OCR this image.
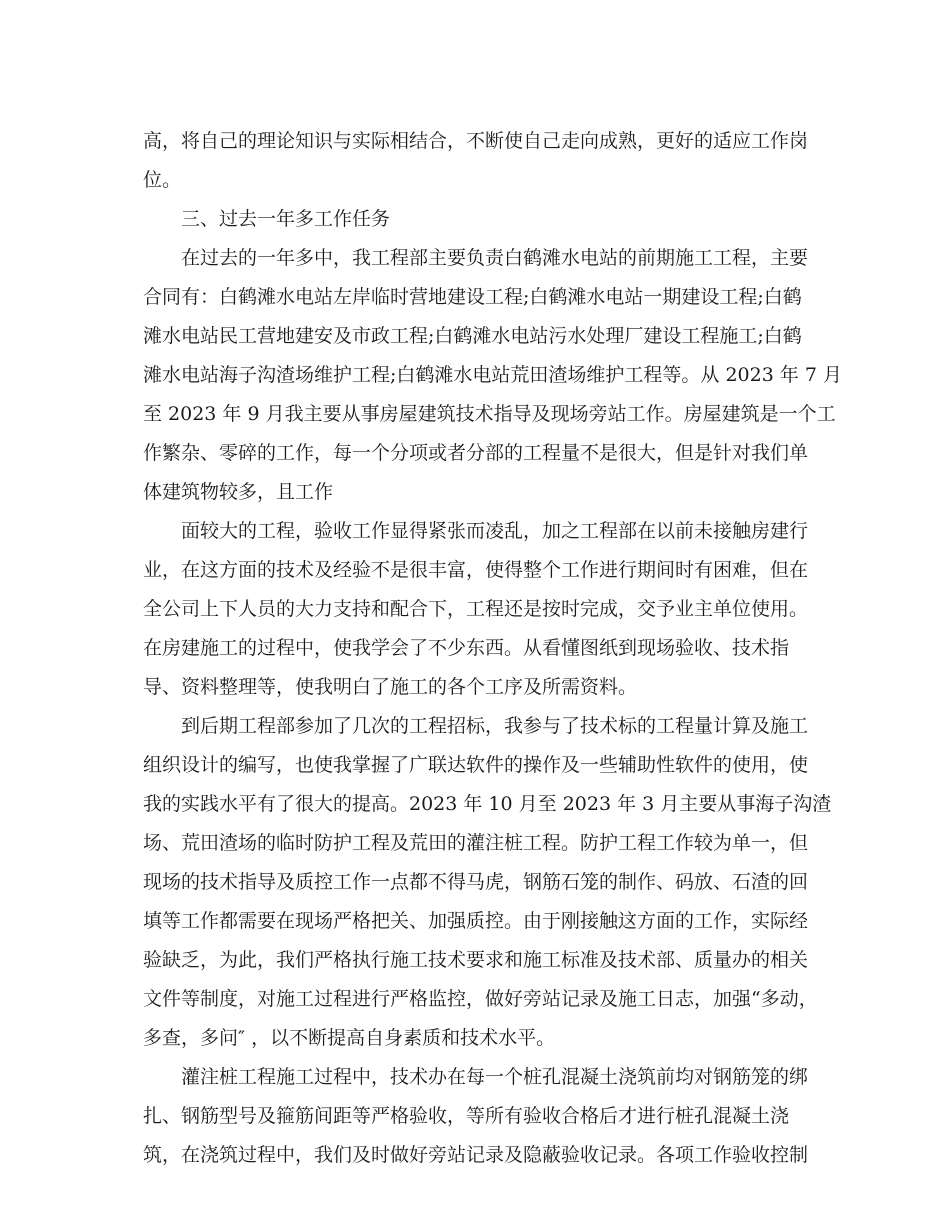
高，将自己的理论知识与实际相结合，不断使自己走向成熟，更好的适应工作岗

位。

三、过去一年多工作任务

在过去的一年多中，我工程部主要负责白鹤滩水电站的前期施工工程，主要

合同有：白鹤滩水电站左岸临时营地建设工程;白鹤滩水电站一期建设工程;白鹤

滩水电站民工营地建安及市政工程;白鹤滩水电站污水处理厂建设工程施工;白鹤

滩水电站海子沟渣场维护工程;白鹤滩水电站荒田渣场维护工程等。从 2023 年 7 月

至 2023 年 9 月我主要从事房屋建筑技术指导及现场旁站工作。房屋建筑是一个工

作繁杂、零碎的工作，每一个分项或者分部的工程量不是很大，但是针对我们单

体建筑物较多，且工作

面较大的工程，验收工作显得紧张而凌乱，加之工程部在以前未接触房建行

业，在这方面的技术及经验不是很丰富，使得整个工作进行期间时有困难，但在

全公司上下人员的大力支持和配合下，工程还是按时完成，交予业主单位使用。

在房建施工的过程中，使我学会了不少东西。从看懂图纸到现场验收、技术指

导、资料整理等，使我明白了施工的各个工序及所需资料。

到后期工程部参加了几次的工程招标，我参与了技术标的工程量计算及施工

组织设计的编写，也使我掌握了广联达软件的操作及一些辅助性软件的使用，使

我的实践水平有了很大的提高。2023 年 10 月至 2023 年 3 月主要从事海子沟渣

场、荒田渣场的临时防护工程及荒田的灌注桩工程。防护工程工作较为单一，但

现场的技术指导及质控工作一点都不得马虎，钢筋石笼的制作、码放、石渣的回

填等工作都需要在现场严格把关、加强质控。由于刚接触这方面的工作，实际经

验缺乏，为此，我们严格执行施工技术要求和施工标准及技术部、质量办的相关

文件等制度，对施工过程进行严格监控，做好旁站记录及施工日志，加强“多动，

多查，多问″ ，以不断提高自身素质和技术水平。

灌注桩工程施工过程中，技术办在每一个桩孔混凝土浇筑前均对钢筋笼的绑

扎、钢筋型号及箍筋间距等严格验收，等所有验收合格后才进行桩孔混凝土浇

筑，在浇筑过程中，我们及时做好旁站记录及隐蔽验收记录。各项工作验收控制
